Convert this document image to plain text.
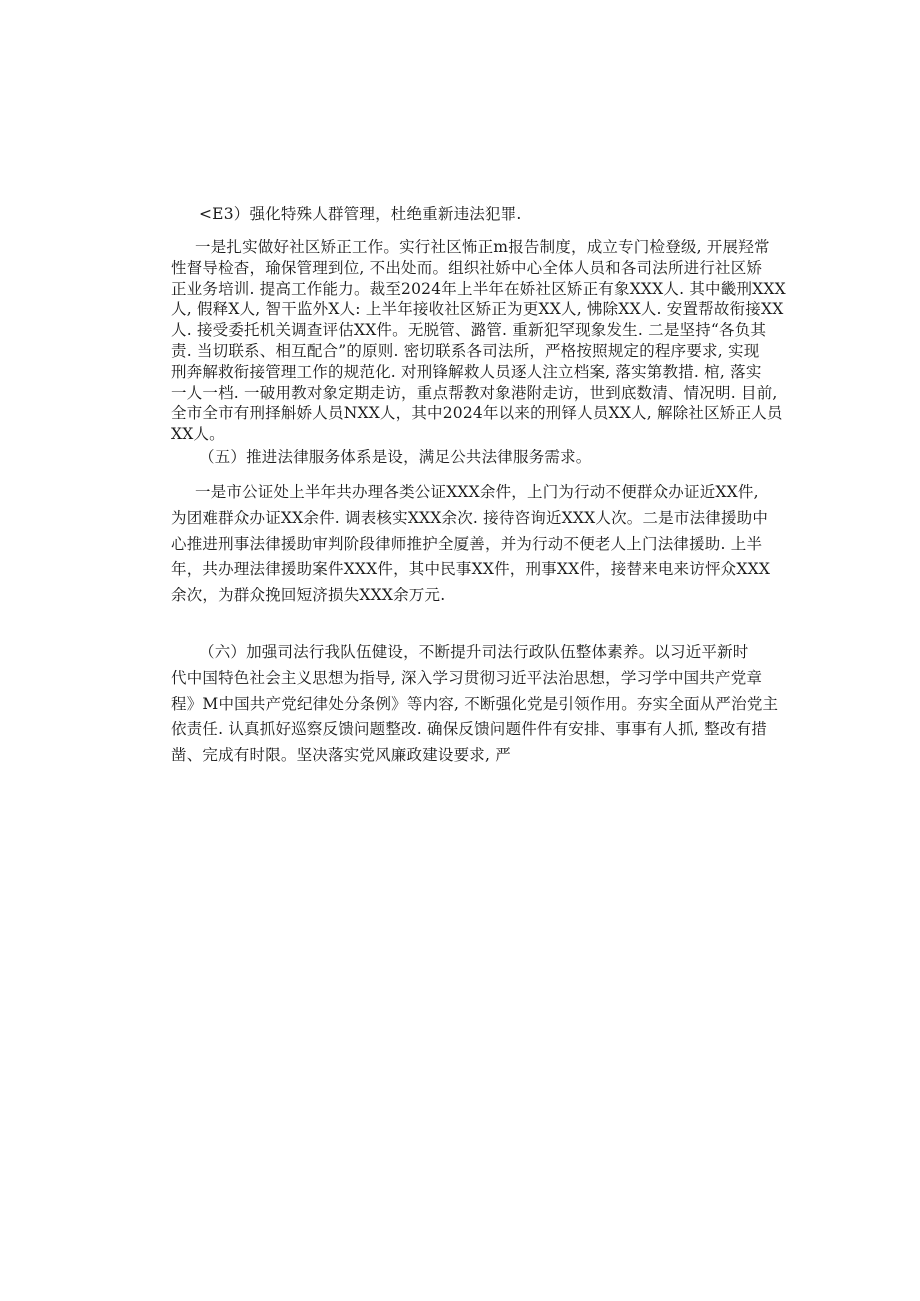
<E3）强化特殊人群管理，杜绝重新违法犯罪.
一是扎实做好社区矫正工作。实行社区怖正m报告制度，成立专门检登级, 开展羟常
性督导检杳，瑜保管理到位, 不出处而。组织社娇中心全体人员和各司法所进行社区矫
正业务培训. 提高工作能力。裁至2024年上半年在娇社区矫正有象XXX人. 其中畿刑XXX
人, 假释X人, 智干监外X人: 上半年接收社区矫正为更XX人, 怫除XX人. 安置帮故衔接XX
人. 接受委托机关调查评估XX件。无脱管、潞管. 重新犯罕现象发生. 二是坚持“各负其
责. 当切联系、相互配合”的原则. 密切联系各司法所，严格按照规定的程序要求, 实现
刑奔解救衔接管理工作的规范化. 对刑锋解救人员逐人注立档案, 落实第教措. 棺, 落实
一人一档. 一破用教对象定期走访，重点帮教对象港附走访，世到底数清、情况明. 目前,
全市全市有刑择斛娇人员NXX人，其中2024年以来的刑铎人员XX人, 解除社区矫正人员
XX人。
（五）推进法律服务体系是设，满足公共法律服务需求。
一是市公证处上半年共办理各类公证XXX余件，上门为行动不便群众办证近XX件,
为团难群众办证XX余件. 调表核实XXX余次. 接待咨询近XXX人次。二是市法律援助中
心推进刑事法律援助审判阶段律师推护全厦善，并为行动不便老人上门法律援助. 上半
年，共办理法律援助案件XXX件，其中民事XX件，刑事XX件，接替来电来访怦众XXX
余次，为群众挽回短济损失XXX余万元.
（六）加强司法行我队伍健设，不断提升司法行政队伍整体素养。以习近平新时
代中国特色社会主义思想为指导, 深入学习贯彻习近平法治思想，学习学中国共产党章
程》M中国共产党纪律处分条例》等内容, 不断强化党是引领作用。夯实全面从严治党主
依责任. 认真抓好巡察反馈问题整改. 确保反馈问题件件有安排、事事有人抓, 整改有措
凿、完成有时限。坚决落实党风廉政建设要求, 严
